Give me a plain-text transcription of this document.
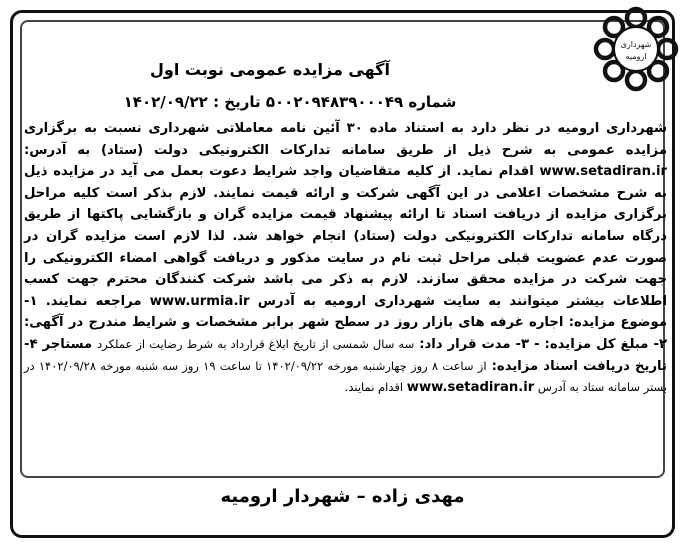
شهرداری
ارومیه
آگهی مزایده عمومی نوبت اول
شماره ۵۰۰۲۰۹۴۸۳۹۰۰۰۴۹ تاریخ : ۱۴۰۲/۰۹/۲۲

شهرداری ارومیه در نظر دارد به استناد ماده ۳۰ آئین نامه معاملاتی شهرداری نسبت به برگزاری مزایده عمومی به شرح ذیل از طریق سامانه تدارکات الکترونیکی دولت (ستاد) به آدرس: www.setadiran.ir اقدام نماید. از کلیه متقاضیان واجد شرایط دعوت بعمل می آید در مزایده ذیل به شرح مشخصات اعلامی در این آگهی شرکت و ارائه قیمت نمایند. لازم بذکر است کلیه مراحل برگزاری مزایده از دریافت اسناد تا ارائه پیشنهاد قیمت مزایده گران و بازگشایی پاکتها از طریق درگاه سامانه تدارکات الکترونیکی دولت (ستاد) انجام خواهد شد. لذا لازم است مزایده گران در صورت عدم عضویت قبلی مراحل ثبت نام در سایت مذکور و دریافت گواهی امضاء الکترونیکی را جهت شرکت در مزایده محقق سازند. لازم به ذکر می باشد شرکت کنندگان محترم جهت کسب اطلاعات بیشتر میتوانند به سایت شهرداری ارومیه به آدرس www.urmia.ir مراجعه نمایند. ۱- موضوع مزایده: اجاره غرفه های بازار روز در سطح شهر برابر مشخصات و شرایط مندرج در آگهی: ۲- مبلغ کل مزایده: - ۳- مدت قرار داد: سه سال شمسی از تاریخ ابلاغ قرارداد به شرط رضایت از عملکرد مستاجر ۴- تاریخ دریافت اسناد مزایده: از ساعت ۸ روز چهارشنبه مورخه ۱۴۰۲/۰۹/۲۲ تا ساعت ۱۹ روز سه شنبه مورخه ۱۴۰۲/۰۹/۲۸ در بستر سامانه ستاد به آدرس www.setadiran.ir اقدام نمایند.

مهدی زاده – شهردار ارومیه
